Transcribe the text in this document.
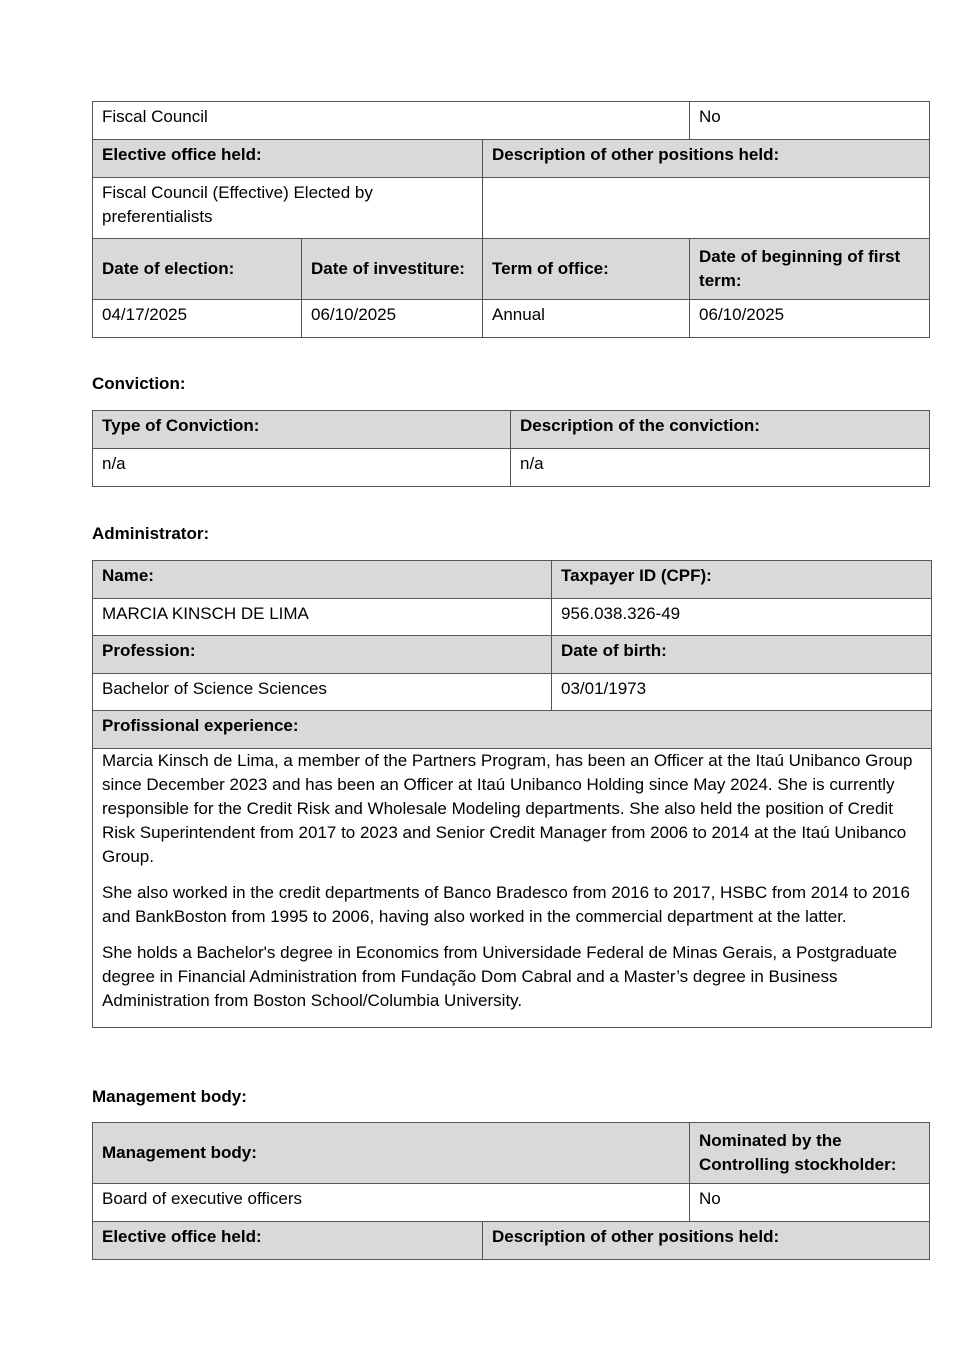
Fiscal Council			No
Elective office held:		Description of other positions held:	
Fiscal Council (Effective) Elected by preferentialists			
Date of election:	Date of investiture:	Term of office:	Date of beginning of first term:
04/17/2025	06/10/2025	Annual	06/10/2025
Conviction:
Type of Conviction:	Description of the conviction:
n/a	n/a
Administrator:
Name:	Taxpayer ID (CPF):
MARCIA KINSCH DE LIMA	956.038.326-49
Profession:	Date of birth:
Bachelor of Science Sciences	03/01/1973
Profissional experience:	

Marcia Kinsch de Lima, a member of the Partners Program, has been an Officer at the Itaú Unibanco Group since December 2023 and has been an Officer at Itaú Unibanco Holding since May 2024. She is currently responsible for the Credit Risk and Wholesale Modeling departments. She also held the position of Credit Risk Superintendent from 2017 to 2023 and Senior Credit Manager from 2006 to 2014 at the Itaú Unibanco Group.

She also worked in the credit departments of Banco Bradesco from 2016 to 2017, HSBC from 2014 to 2016 and BankBoston from 1995 to 2006, having also worked in the commercial department at the latter.

She holds a Bachelor's degree in Economics from Universidade Federal de Minas Gerais, a Postgraduate degree in Financial Administration from Fundação Dom Cabral and a Master’s degree in Business Administration from Boston School/Columbia University.	

Management body:
Management body:		Nominated by the Controlling stockholder:
Board of executive officers		No
Elective office held:	Description of other positions held:	
